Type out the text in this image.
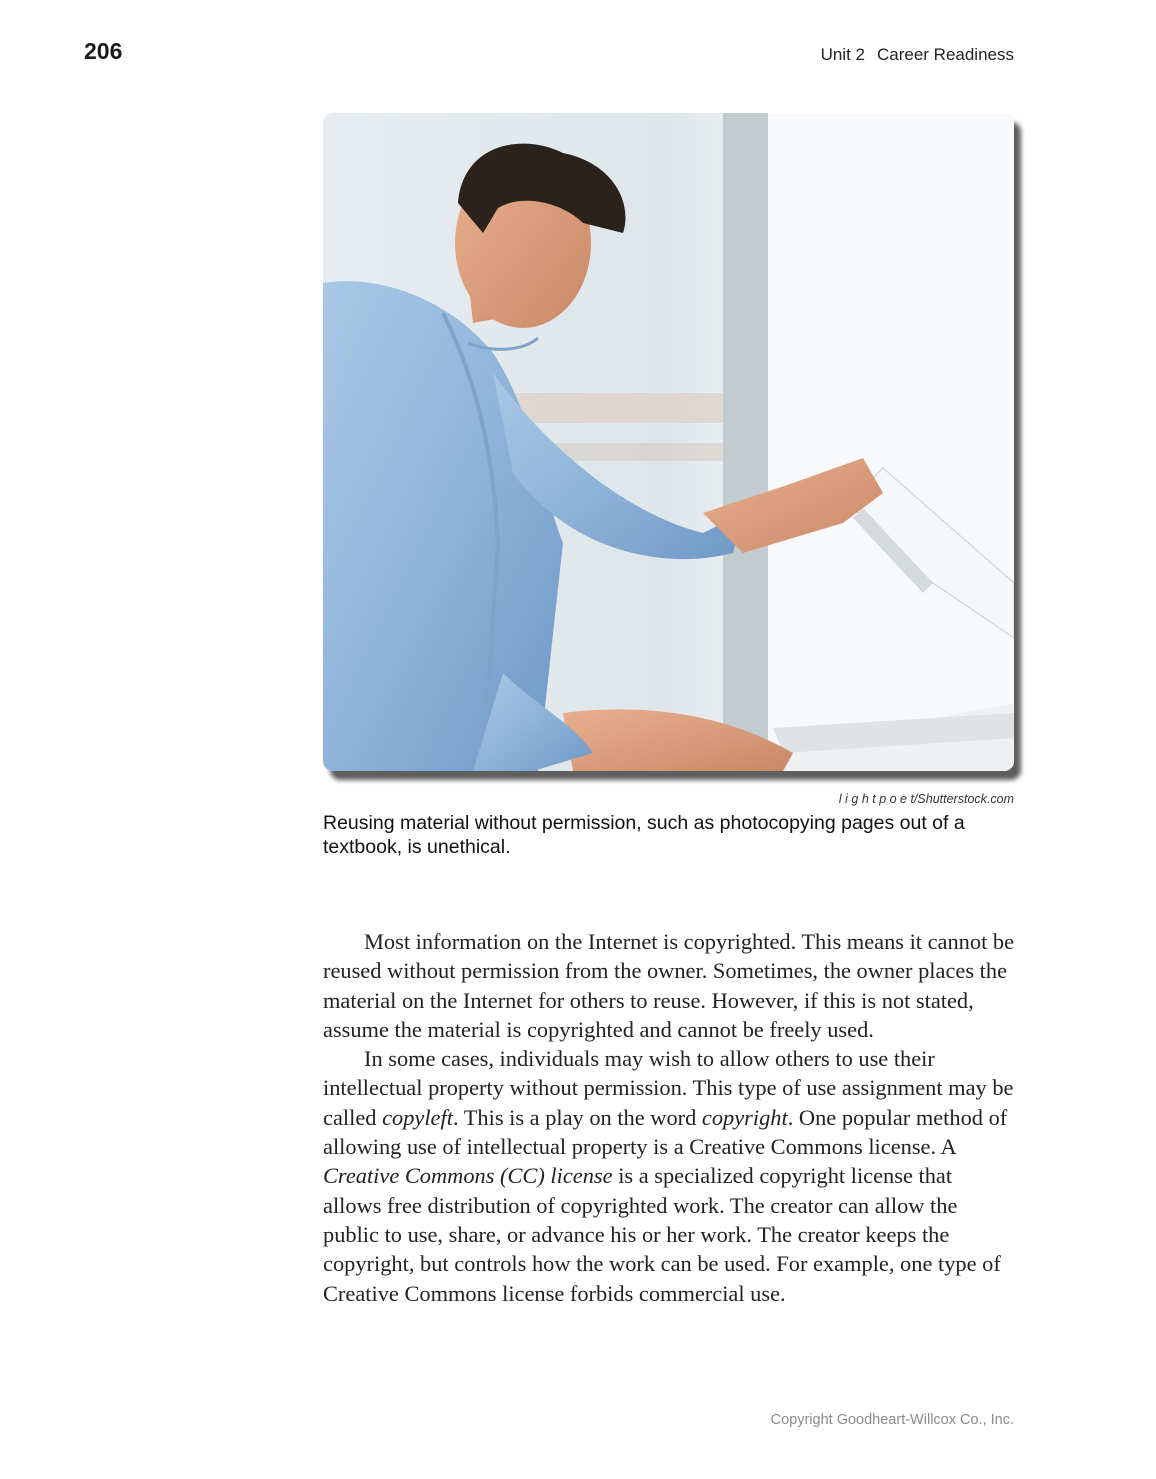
206	Unit 2 Career Readiness
l i g h t p o e t/Shutterstock.com
Reusing material without permission, such as photocopying pages out of a textbook, is unethical.

Most information on the Internet is copyrighted. This means it cannot be reused without permission from the owner. Sometimes, the owner places the material on the Internet for others to reuse. However, if this is not stated, assume the material is copyrighted and cannot be freely used.

In some cases, individuals may wish to allow others to use their intellectual property without permission. This type of use assignment may be called copyleft. This is a play on the word copyright. One popular method of allowing use of intellectual property is a Creative Commons license. A Creative Commons (CC) license is a specialized copyright license that allows free distribution of copyrighted work. The creator can allow the public to use, share, or advance his or her work. The creator keeps the copyright, but controls how the work can be used. For example, one type of Creative Commons license forbids commercial use.

Copyright Goodheart-Willcox Co., Inc.
